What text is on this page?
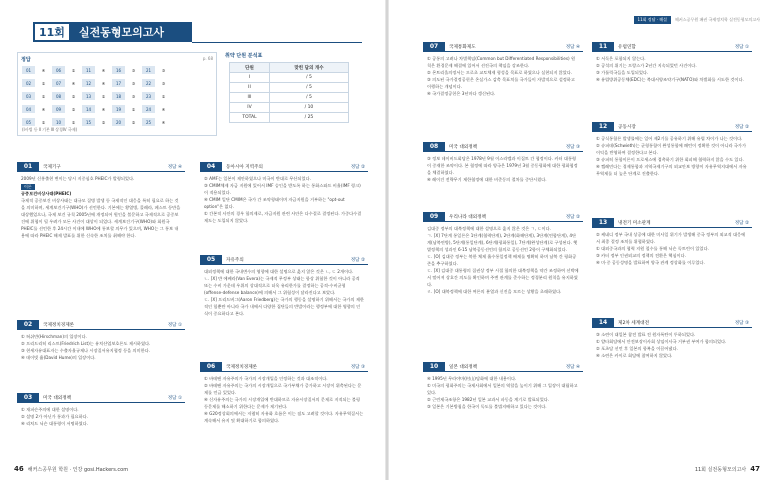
11회	실전동형모의고사
정답	p. 68
01	④	06	①	11	④	16	③	21	③
02	①	07	④	12	④	17	③	22	③
03	①	08	②	13	①	18	③	23	①
04	④	09	②	14	④	19	①	24	④
05	①	10	①	15	②	20	②	25	④
(Ⅰ사법 등 Ⅱ 기본 Ⅲ 상경Ⅳ 국제)
취약 단원 분석표
단원	맞힌 답의 개수
I	/ 5
II	/ 5
III	/ 5
IV	/ 10
TOTAL	/ 25
01	국제기구	정답 ④

2009년 신흥출현 변이는 당시 지중심호 PHEIC가 발령되었다.

이론

공중보건비상사태(PHEIC)

국제적 공중보건 비상사태는 대규모 질병 발생 등 국제적인 대응을 특히 필요로 하는 것을 의미하며, 세계보건기구(WHO)가 선언한다. 기본에는 황열병, 콜레라, 페스트 등만을 대상했었으나, 국제 보건 규칙 2005년에 개정되어 원인을 불문하고 국제적으로 공중보건에 위협이 될 우려가 모든 사건이 대상이 되었다. 세계보건기구(WHO)와 회원국 PHEIC를 선언한 후 24시간 이내에 WHO에 통보할 의무가 있으며, WHO는 그 통보 내용에 따라 PHEIC 해제 발표를 위한 신속한 조치를 취해야 한다.

02	국제정치경제론	정답 ①

① 허쉬만(Hirschman)의 입장이다.

② 프리드리히 리스트(Friedrich List)는 유치산업보호론도 제시하였다.

③ 현세자유대표자는 수출자율규제나 시장질서유지협정 등을 의미한다.

④ 데이빗 흄(David Hume)의 입장이다.

03	미국 대외정책	정답 ①

① 재퍼슨주의에 대한 설명이다.

② 설명 2가 아닌가 통과가 필요하다.

④ 리처드 닉슨 대통령이 서명하였다.

04	동아시아 지역주의	정답 ②

② AMF는 일본이 제안하였으나 미국이 반대로 무산되었다.

③ CMIM체제 자금 지원에 있어서 IMF 승인을 받도록 하는 통화스와프 비율(IMF 링크)이 적용되었다.

④ CMIM 일단 CMIM은 국가 간 조약형태이며 자금지원을 거부하는 "opt-out option"은 없다.

① 간본적 사안의 경우 합의제로, 자금지원 관련 사안은 다수결로 결정된다. 가중다수결제도는 도입되지 않았다.

05	자유주의	정답 ②

대외정책에 대한 국내변수의 영향에 대한 설명으로 옳지 않은 것은 ㄴ, ㄷ 2개이다.

ㄴ. [X] 반 에베라(Van Evera)는 국제적 무정부 상태는 항상 위험한 것이 아니라 공격 또는 수비 가운데 우위의 상대적으로 더욱 유리한가를 결정하는 공격-수비균형(offense-defense balance)에 의해서 그 위험성이 달라진다고 보았다.

ㄷ. [X] 프리드버그(Aaron Friedberg)는 국가의 행동을 설명하기 위해서는 국가의 제한적인 힘뿐만 아니라 국가 내에서 다양한 집단들의 반발이라는 행정부에 대한 영향의 인식이 중요하다고 본다.

06	국제정치경제론	정답 ③

① 바테팬 자유주의가 국가의 시장개입을 인정하는 것과 대조적이다.

② 바테팬 자유주의는 국가의 시장개입으로 국가부채가 증가하고 시장이 위축된다는 문제를 언급 있었다.

④ 신자유주의는 국가의 시장개입에 반대하므로 자유시장질서의 문제로 지적되는 불평등문제를 해소하기 위한다는 문제가 제기된다.

④ G20정상회의에서는 저렴히 자유화 흐름은 이는 점도 고려할 것이다. 자유무역질서는 계속해서 유지 및 확대하기로 합의하였다.

46 해커스공무원 학원 · 인강 gosi.Hackers.com
11회 정답 · 해설	해커스공무원 패권 국제정치학 실전동형모의고사
07	국제통화제도	정답 ④

① 공통의 고려나 차별책임(Common but Differentiated Responsibilities) 원칙은 환경문제 해결에 있어서 선진국의 책임을 강조한다.

② 몬트리올의정서는 프로초 교토체제 형성을 목표로 하였으나 실현되지 않았다.

③ 의도된 국가결정공헌은 온실가스 감축 목표치를 국가들이 자발적으로 설정하고 이행하는 개념이다.

④ 국가결정공헌은 3년마다 갱신된다.

08	미국 대외정책	정답 ③

③ 정보 데이비드회담은 1978년 9월 이스라엘과 이집트 간 협정이다. 카터 대통령이 중재한 조약이다. 본 협정에 따라 양국은 1979년 3월 중동평화에 대한 평화협정을 체결하였다.

④ 레이건 전략무기 제한협정에 대한 비준동의 절차를 중단시켰다.

09	우리나라 대외정책	정답 ②

김대중 정부의 대북정책에 대한 설명으로 옳지 않은 것은 ㄱ, ㄷ이다.

ㄱ. [X] 7단계 통일론은 1단계(협력단계), 2단계(화해단계), 3단계(연합단계), 4단계(남북연방), 5단계(통일단계), 6단계(평화통일), 7단계(완성단계)로 구성된다. 햇볕정책의 성과인 6·15 남북공동선언의 합의로 공동선언 2항이 구체화되었다.

ㄷ. [O] 김대중 정부는 북한 체제 흡수통일정책 배제를 명확히 하며 남북 간 평화공존을 추구하였다.

ㄷ. [X] 김대중 대통령의 집권상 정부 시절 합의한 대북정책을 약간 조정하여 선박에서 떨어져 상호간 의도를 확인하며 주변 관계를 준수하는 정경분리 원칙을 유지하였다.

ㄹ. [O] 대북정책에 대한 여론의 분열과 신진을 모르는 상황을 초래하였다.

10	일본 대외정책	정답 ④

④ 1995년 무라야마(村山)담화에 대한 내용이다.

① 미국의 평화주의는 국제사회에서 일본의 역할을 높이기 위해 그 입장이 대립하고 있다.

② 근린제국조항은 1982년 일본 교과서 파동을 계기로 발표되었다.

③ 일본은 기본방침을 한국이 독도를 불법지배하고 있다는 것이다.

11	유럽연합	정답 ①

① 서독은 포함되지 않는다.

② 공석의 위기는 프랑스가 2년간 지속되었던 사건이다.

③ 가톨릭국들을 도입되었다.

④ 유럽방위공동체(EDC)는 북대서양조약기구(NATO)와 차별화를 시도한 것이다.

12	공동시장	정답 ②

① 공식통합론 발생률에는 일어 제2기를 공유하기 위해 유럽 차이가 나는 것이다.

② 슈퍼데(Schwieth)는 균형통합이 완성통합에 패턴이 정확한 것이 아니라 국가가 이익을 반영하여 결정한다고 본다.

③ 슈퍼히 통합이론이 프로세스에 접촉하기 위한 회피해 협력하지 않을 수도 있다.

④ 켈레민다는 경제통합과 지역국제기구의 외교안보 방향이 자유무역지대에서 자유무역제를 더 높은 단계로 진출한다.

13	냉전기 미소관계	정답 ②

② 케네디 정부 국내 상공에 대한 미사일 위기가 발생해 중국 정부의 외교적 대응에서 최종 결정 조치를 위협하였다.

① 대외중국과의 협력 지원 철수를 통해 닉슨 독트린이 있었다.

③ 카터 정부 인권외교의 정책의 전환은 핵심이다.

④ 미·중 공동성명을 발표하여 양국 관계 정상화를 이루었다.

14	제2차 세계대전	정답 ③

③ 소련이 대일본 참전 발표 전 원자폭탄이 투하되었다.

① 얄타회담에서 안전보장이사회 상임이사국 거부권 부여가 합의되었다.

② 포츠담 선언 후 일본의 항복을 이끌어냈다.

④ 소련은 카이로 회담에 참여하지 않았다.

11회 실전동형모의고사 47
